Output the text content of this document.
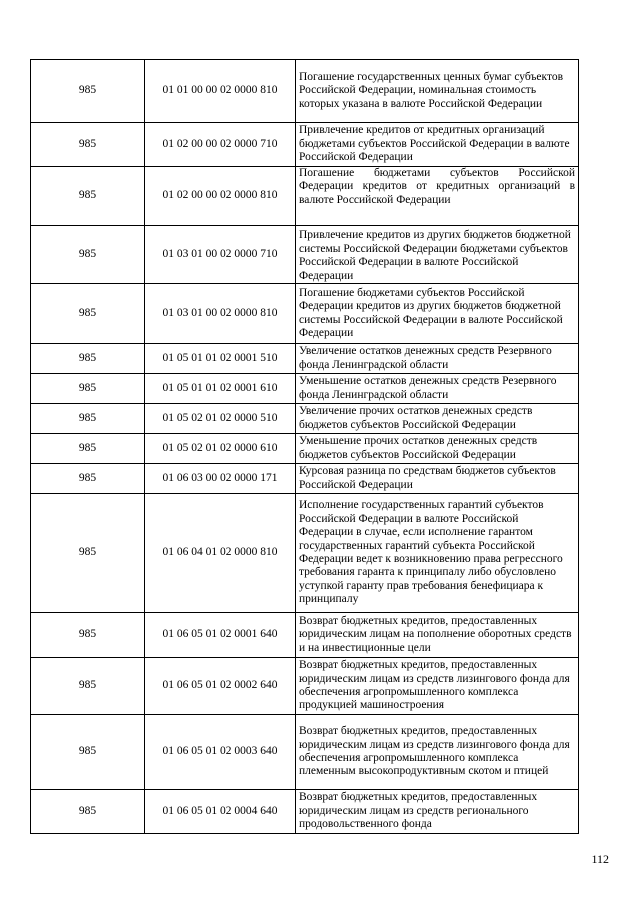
985	01 01 00 00 02 0000 810	Погашение государственных ценных бумаг субъектов Российской Федерации, номинальная стоимость которых указана в валюте Российской Федерации
985	01 02 00 00 02 0000 710	Привлечение кредитов от кредитных организаций бюджетами субъектов Российской Федерации в валюте Российской Федерации
985	01 02 00 00 02 0000 810	Погашение бюджетами субъектов Российской Федерации кредитов от кредитных организаций в валюте Российской Федерации
985	01 03 01 00 02 0000 710	Привлечение кредитов из других бюджетов бюджетной системы Российской Федерации бюджетами субъектов Российской Федерации в валюте Российской Федерации
985	01 03 01 00 02 0000 810	Погашение бюджетами субъектов Российской Федерации кредитов из других бюджетов бюджетной системы Российской Федерации в валюте Российской Федерации
985	01 05 01 01 02 0001 510	Увеличение остатков денежных средств Резервного фонда Ленинградской области
985	01 05 01 01 02 0001 610	Уменьшение остатков денежных средств Резервного фонда Ленинградской области
985	01 05 02 01 02 0000 510	Увеличение прочих остатков денежных средств бюджетов субъектов Российской Федерации
985	01 05 02 01 02 0000 610	Уменьшение прочих остатков денежных средств бюджетов субъектов Российской Федерации
985	01 06 03 00 02 0000 171	Курсовая разница по средствам бюджетов субъектов Российской Федерации
985	01 06 04 01 02 0000 810	Исполнение государственных гарантий субъектов Российской Федерации в валюте Российской Федерации в случае, если исполнение гарантом государственных гарантий субъекта Российской Федерации ведет к возникновению права регрессного требования гаранта к принципалу либо обусловлено уступкой гаранту прав требования бенефициара к принципалу
985	01 06 05 01 02 0001 640	Возврат бюджетных кредитов, предоставленных юридическим лицам на пополнение оборотных средств и на инвестиционные цели
985	01 06 05 01 02 0002 640	Возврат бюджетных кредитов, предоставленных юридическим лицам из средств лизингового фонда для обеспечения агропромышленного комплекса продукцией машиностроения
985	01 06 05 01 02 0003 640	Возврат бюджетных кредитов, предоставленных юридическим лицам из средств лизингового фонда для обеспечения агропромышленного комплекса племенным высокопродуктивным скотом и птицей
985	01 06 05 01 02 0004 640	Возврат бюджетных кредитов, предоставленных юридическим лицам из средств регионального продовольственного фонда
112
